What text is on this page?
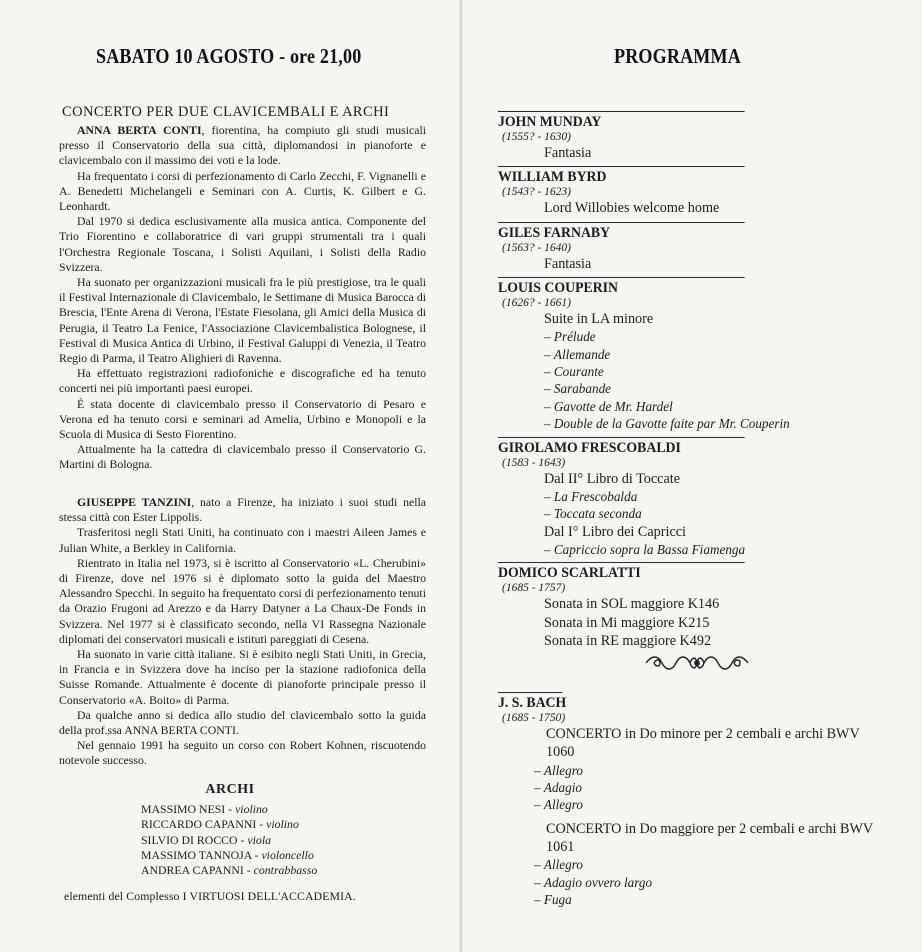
SABATO 10 AGOSTO - ore 21,00
CONCERTO PER DUE CLAVICEMBALI E ARCHI

ANNA BERTA CONTI, fiorentina, ha compiuto gli studi musicali presso il Conservatorio della sua città, diplomandosi in pianoforte e clavicembalo con il massimo dei voti e la lode.

Ha frequentato i corsi di perfezionamento di Carlo Zecchi, F. Vignanelli e A. Benedetti Michelangeli e Seminari con A. Curtis, K. Gilbert e G. Leonhardt.

Dal 1970 si dedica esclusivamente alla musica antica. Componente del Trio Fiorentino e collaboratrice di vari gruppi strumentali tra i quali l'Orchestra Regionale Toscana, i Solisti Aquilani, i Solisti della Radio Svizzera.

Ha suonato per organizzazioni musicali fra le più prestigiose, tra le quali il Festival Internazionale di Clavicembalo, le Settimane di Musica Barocca di Brescia, l'Ente Arena di Verona, l'Estate Fiesolana, gli Amici della Musica di Perugia, il Teatro La Fenice, l'Associazione Clavicembalistica Bolognese, il Festival di Musica Antica di Urbino, il Festival Galuppi di Venezia, il Teatro Regio di Parma, il Teatro Alighieri di Ravenna.

Ha effettuato registrazioni radiofoniche e discografiche ed ha tenuto concerti nei più importanti paesi europei.

È stata docente di clavicembalo presso il Conservatorio di Pesaro e Verona ed ha tenuto corsi e seminari ad Amelia, Urbino e Monopoli e la Scuola di Musica di Sesto Fiorentino.

Attualmente ha la cattedra di clavicembalo presso il Conservatorio G. Martini di Bologna.

GIUSEPPE TANZINI, nato a Firenze, ha iniziato i suoi studi nella stessa città con Ester Lippolis.

Trasferitosi negli Stati Uniti, ha continuato con i maestri Aileen James e Julian White, a Berkley in California.

Rientrato in Italia nel 1973, si è iscritto al Conservatorio «L. Cherubini» di Firenze, dove nel 1976 si è diplomato sotto la guida del Maestro Alessandro Specchi. In seguito ha frequentato corsi di perfezionamento tenuti da Orazio Frugoni ad Arezzo e da Harry Datyner a La Chaux-De Fonds in Svizzera. Nel 1977 si è classificato secondo, nella VI Rassegna Nazionale diplomati dei conservatori musicali e istituti pareggiati di Cesena.

Ha suonato in varie città italiane. Si è esibito negli Stati Uniti, in Grecia, in Francia e in Svizzera dove ha inciso per la stazione radiofonica della Suisse Romande. Attualmente è docente di pianoforte principale presso il Conservatorio «A. Boito» di Parma.

Da qualche anno si dedica allo studio del clavicembalo sotto la guida della prof.ssa ANNA BERTA CONTI.

Nel gennaio 1991 ha seguito un corso con Robert Kohnen, riscuotendo notevole successo.

ARCHI
MASSIMO NESI - violino
RICCARDO CAPANNI - violino
SILVIO DI ROCCO - viola
MASSIMO TANNOJA - violoncello
ANDREA CAPANNI - contrabbasso
elementi del Complesso I VIRTUOSI DELL'ACCADEMIA.
PROGRAMMA
JOHN MUNDAY
(1555? - 1630)
Fantasia
WILLIAM BYRD
(1543? - 1623)
Lord Willobies welcome home
GILES FARNABY
(1563? - 1640)
Fantasia
LOUIS COUPERIN
(1626? - 1661)
Suite in LA minore
– Prélude
– Allemande
– Courante
– Sarabande
– Gavotte de Mr. Hardel
– Double de la Gavotte faite par Mr. Couperin
GIROLAMO FRESCOBALDI
(1583 - 1643)
Dal II° Libro di Toccate
– La Frescobalda
– Toccata seconda
Dal I° Libro dei Capricci
– Capriccio sopra la Bassa Fiamenga
DOMICO SCARLATTI
(1685 - 1757)
Sonata in SOL maggiore K146
Sonata in Mi maggiore K215
Sonata in RE maggiore K492
J. S. BACH
(1685 - 1750)
CONCERTO in Do minore per 2 cembali e archi BWV 1060
– Allegro
– Adagio
– Allegro
CONCERTO in Do maggiore per 2 cembali e archi BWV 1061
– Allegro
– Adagio ovvero largo
– Fuga
